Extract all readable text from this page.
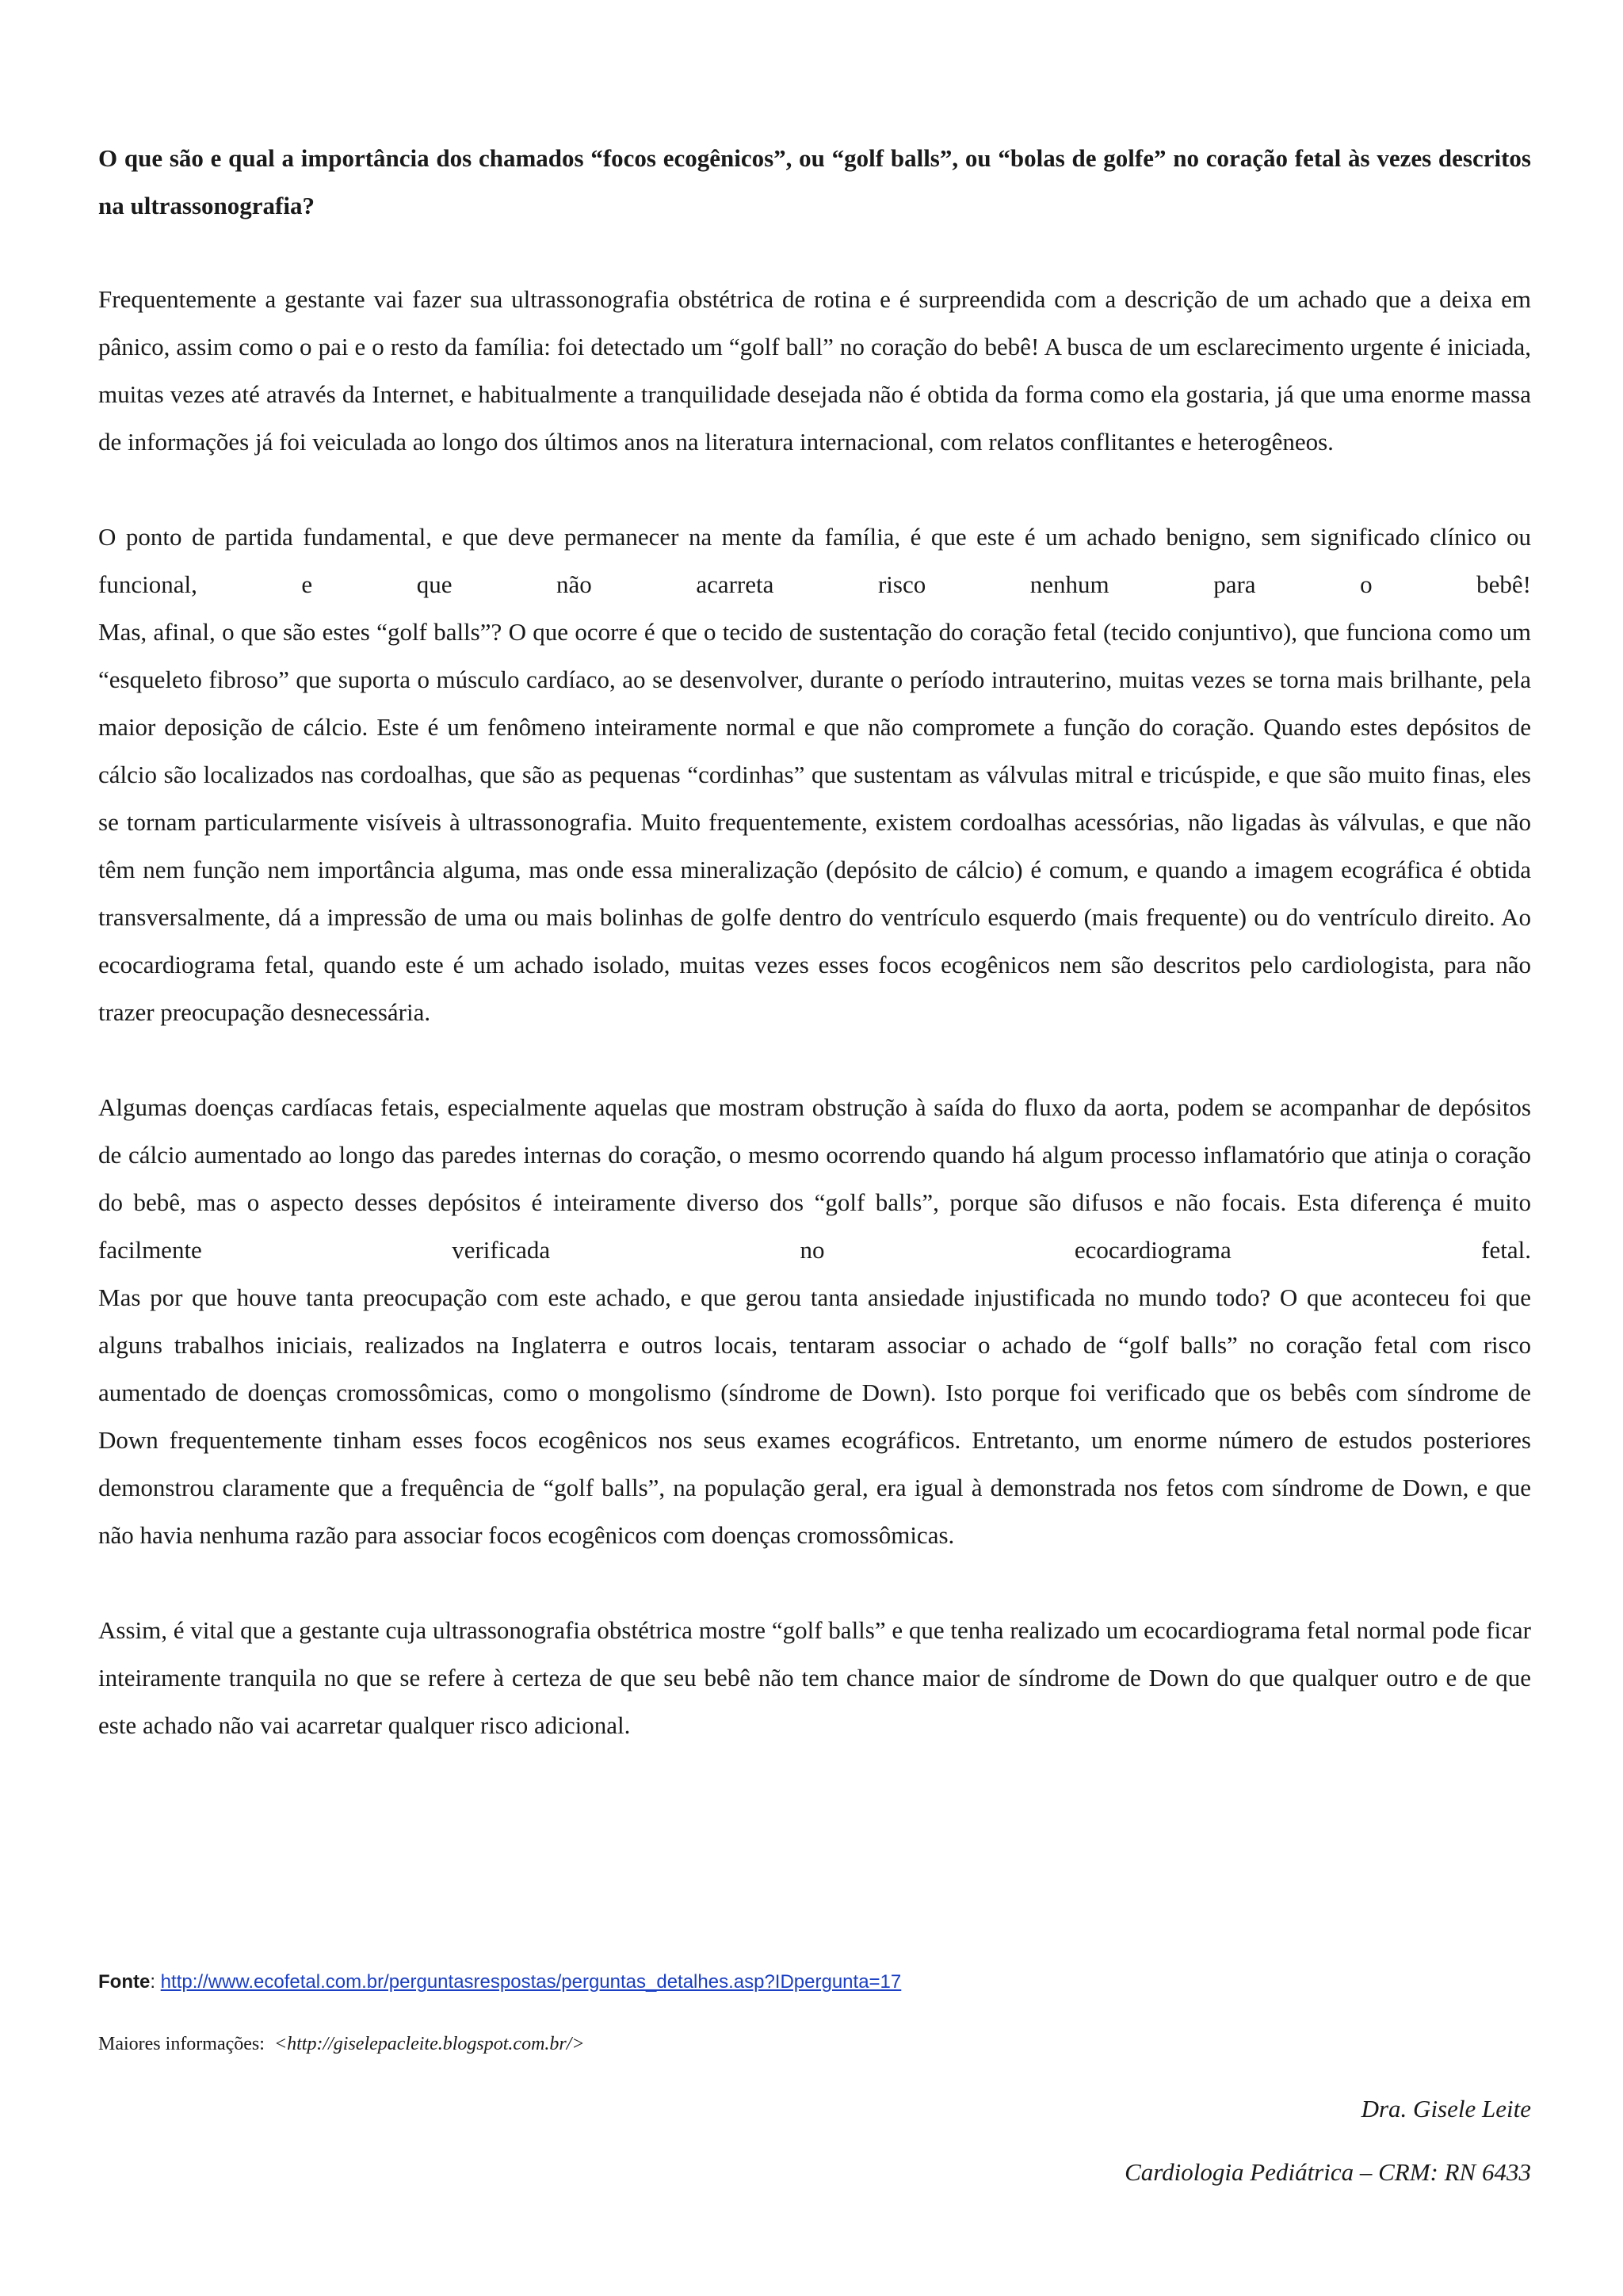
O que são e qual a importância dos chamados “focos ecogênicos”, ou “golf balls”, ou “bolas de golfe” no coração fetal às vezes descritos na ultrassonografia?

Frequentemente a gestante vai fazer sua ultrassonografia obstétrica de rotina e é surpreendida com a descrição de um achado que a deixa em pânico, assim como o pai e o resto da família: foi detectado um “golf ball” no coração do bebê! A busca de um esclarecimento urgente é iniciada, muitas vezes até através da Internet, e habitualmente a tranquilidade desejada não é obtida da forma como ela gostaria, já que uma enorme massa de informações já foi veiculada ao longo dos últimos anos na literatura internacional, com relatos conflitantes e heterogêneos.

O ponto de partida fundamental, e que deve permanecer na mente da família, é que este é um achado benigno, sem significado clínico ou funcional, e que não acarreta risco nenhum para o bebê!
Mas, afinal, o que são estes “golf balls”? O que ocorre é que o tecido de sustentação do coração fetal (tecido conjuntivo), que funciona como um “esqueleto fibroso” que suporta o músculo cardíaco, ao se desenvolver, durante o período intrauterino, muitas vezes se torna mais brilhante, pela maior deposição de cálcio. Este é um fenômeno inteiramente normal e que não compromete a função do coração. Quando estes depósitos de cálcio são localizados nas cordoalhas, que são as pequenas “cordinhas” que sustentam as válvulas mitral e tricúspide, e que são muito finas, eles se tornam particularmente visíveis à ultrassonografia. Muito frequentemente, existem cordoalhas acessórias, não ligadas às válvulas, e que não têm nem função nem importância alguma, mas onde essa mineralização (depósito de cálcio) é comum, e quando a imagem ecográfica é obtida transversalmente, dá a impressão de uma ou mais bolinhas de golfe dentro do ventrículo esquerdo (mais frequente) ou do ventrículo direito. Ao ecocardiograma fetal, quando este é um achado isolado, muitas vezes esses focos ecogênicos nem são descritos pelo cardiologista, para não trazer preocupação desnecessária.

Algumas doenças cardíacas fetais, especialmente aquelas que mostram obstrução à saída do fluxo da aorta, podem se acompanhar de depósitos de cálcio aumentado ao longo das paredes internas do coração, o mesmo ocorrendo quando há algum processo inflamatório que atinja o coração do bebê, mas o aspecto desses depósitos é inteiramente diverso dos “golf balls”, porque são difusos e não focais. Esta diferença é muito facilmente verificada no ecocardiograma fetal.
Mas por que houve tanta preocupação com este achado, e que gerou tanta ansiedade injustificada no mundo todo? O que aconteceu foi que alguns trabalhos iniciais, realizados na Inglaterra e outros locais, tentaram associar o achado de “golf balls” no coração fetal com risco aumentado de doenças cromossômicas, como o mongolismo (síndrome de Down). Isto porque foi verificado que os bebês com síndrome de Down frequentemente tinham esses focos ecogênicos nos seus exames ecográficos. Entretanto, um enorme número de estudos posteriores demonstrou claramente que a frequência de “golf balls”, na população geral, era igual à demonstrada nos fetos com síndrome de Down, e que não havia nenhuma razão para associar focos ecogênicos com doenças cromossômicas.

Assim, é vital que a gestante cuja ultrassonografia obstétrica mostre “golf balls” e que tenha realizado um ecocardiograma fetal normal pode ficar inteiramente tranquila no que se refere à certeza de que seu bebê não tem chance maior de síndrome de Down do que qualquer outro e de que este achado não vai acarretar qualquer risco adicional.

Fonte: http://www.ecofetal.com.br/perguntasrespostas/perguntas_detalhes.asp?IDpergunta=17
Maiores informações:  <http://giselepacleite.blogspot.com.br/>
Dra. Gisele Leite
Cardiologia Pediátrica – CRM: RN 6433
